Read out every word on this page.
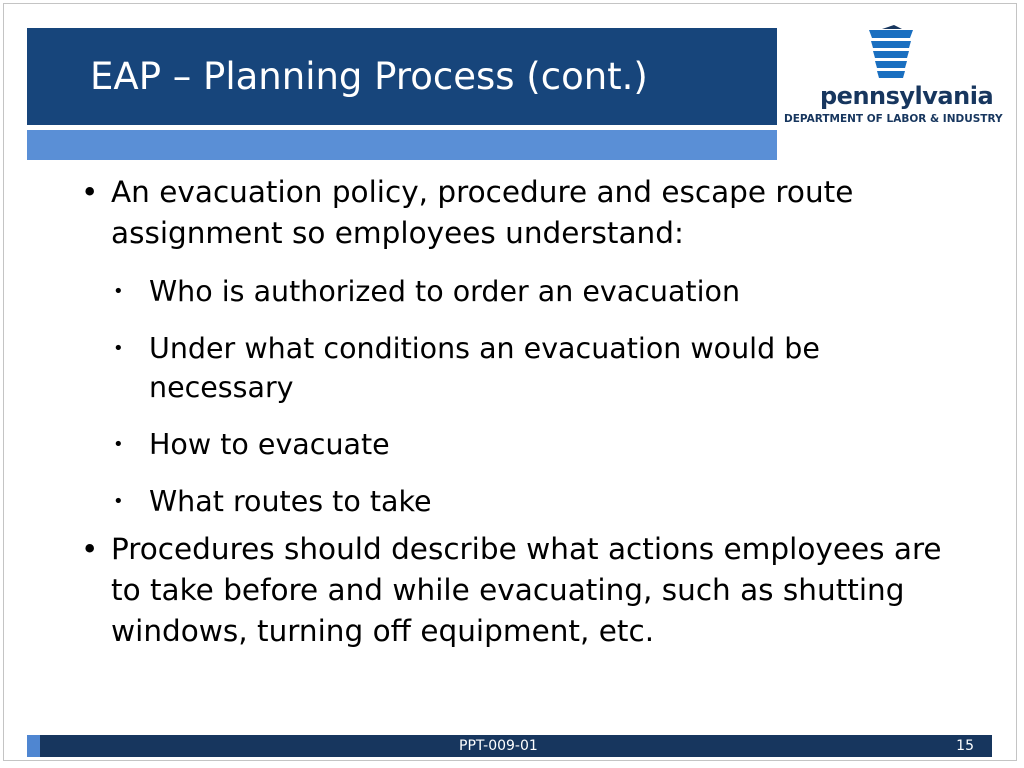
EAP – Planning Process (cont.)	pennsylvania
DEPARTMENT OF LABOR & INDUSTRY
• An evacuation policy, procedure and escape route assignment so employees understand:
• Who is authorized to order an evacuation
• Under what conditions an evacuation would be necessary
• How to evacuate
• What routes to take
• Procedures should describe what actions employees are to take before and while evacuating, such as shutting windows, turning off equipment, etc.
PPT-009-01	15
